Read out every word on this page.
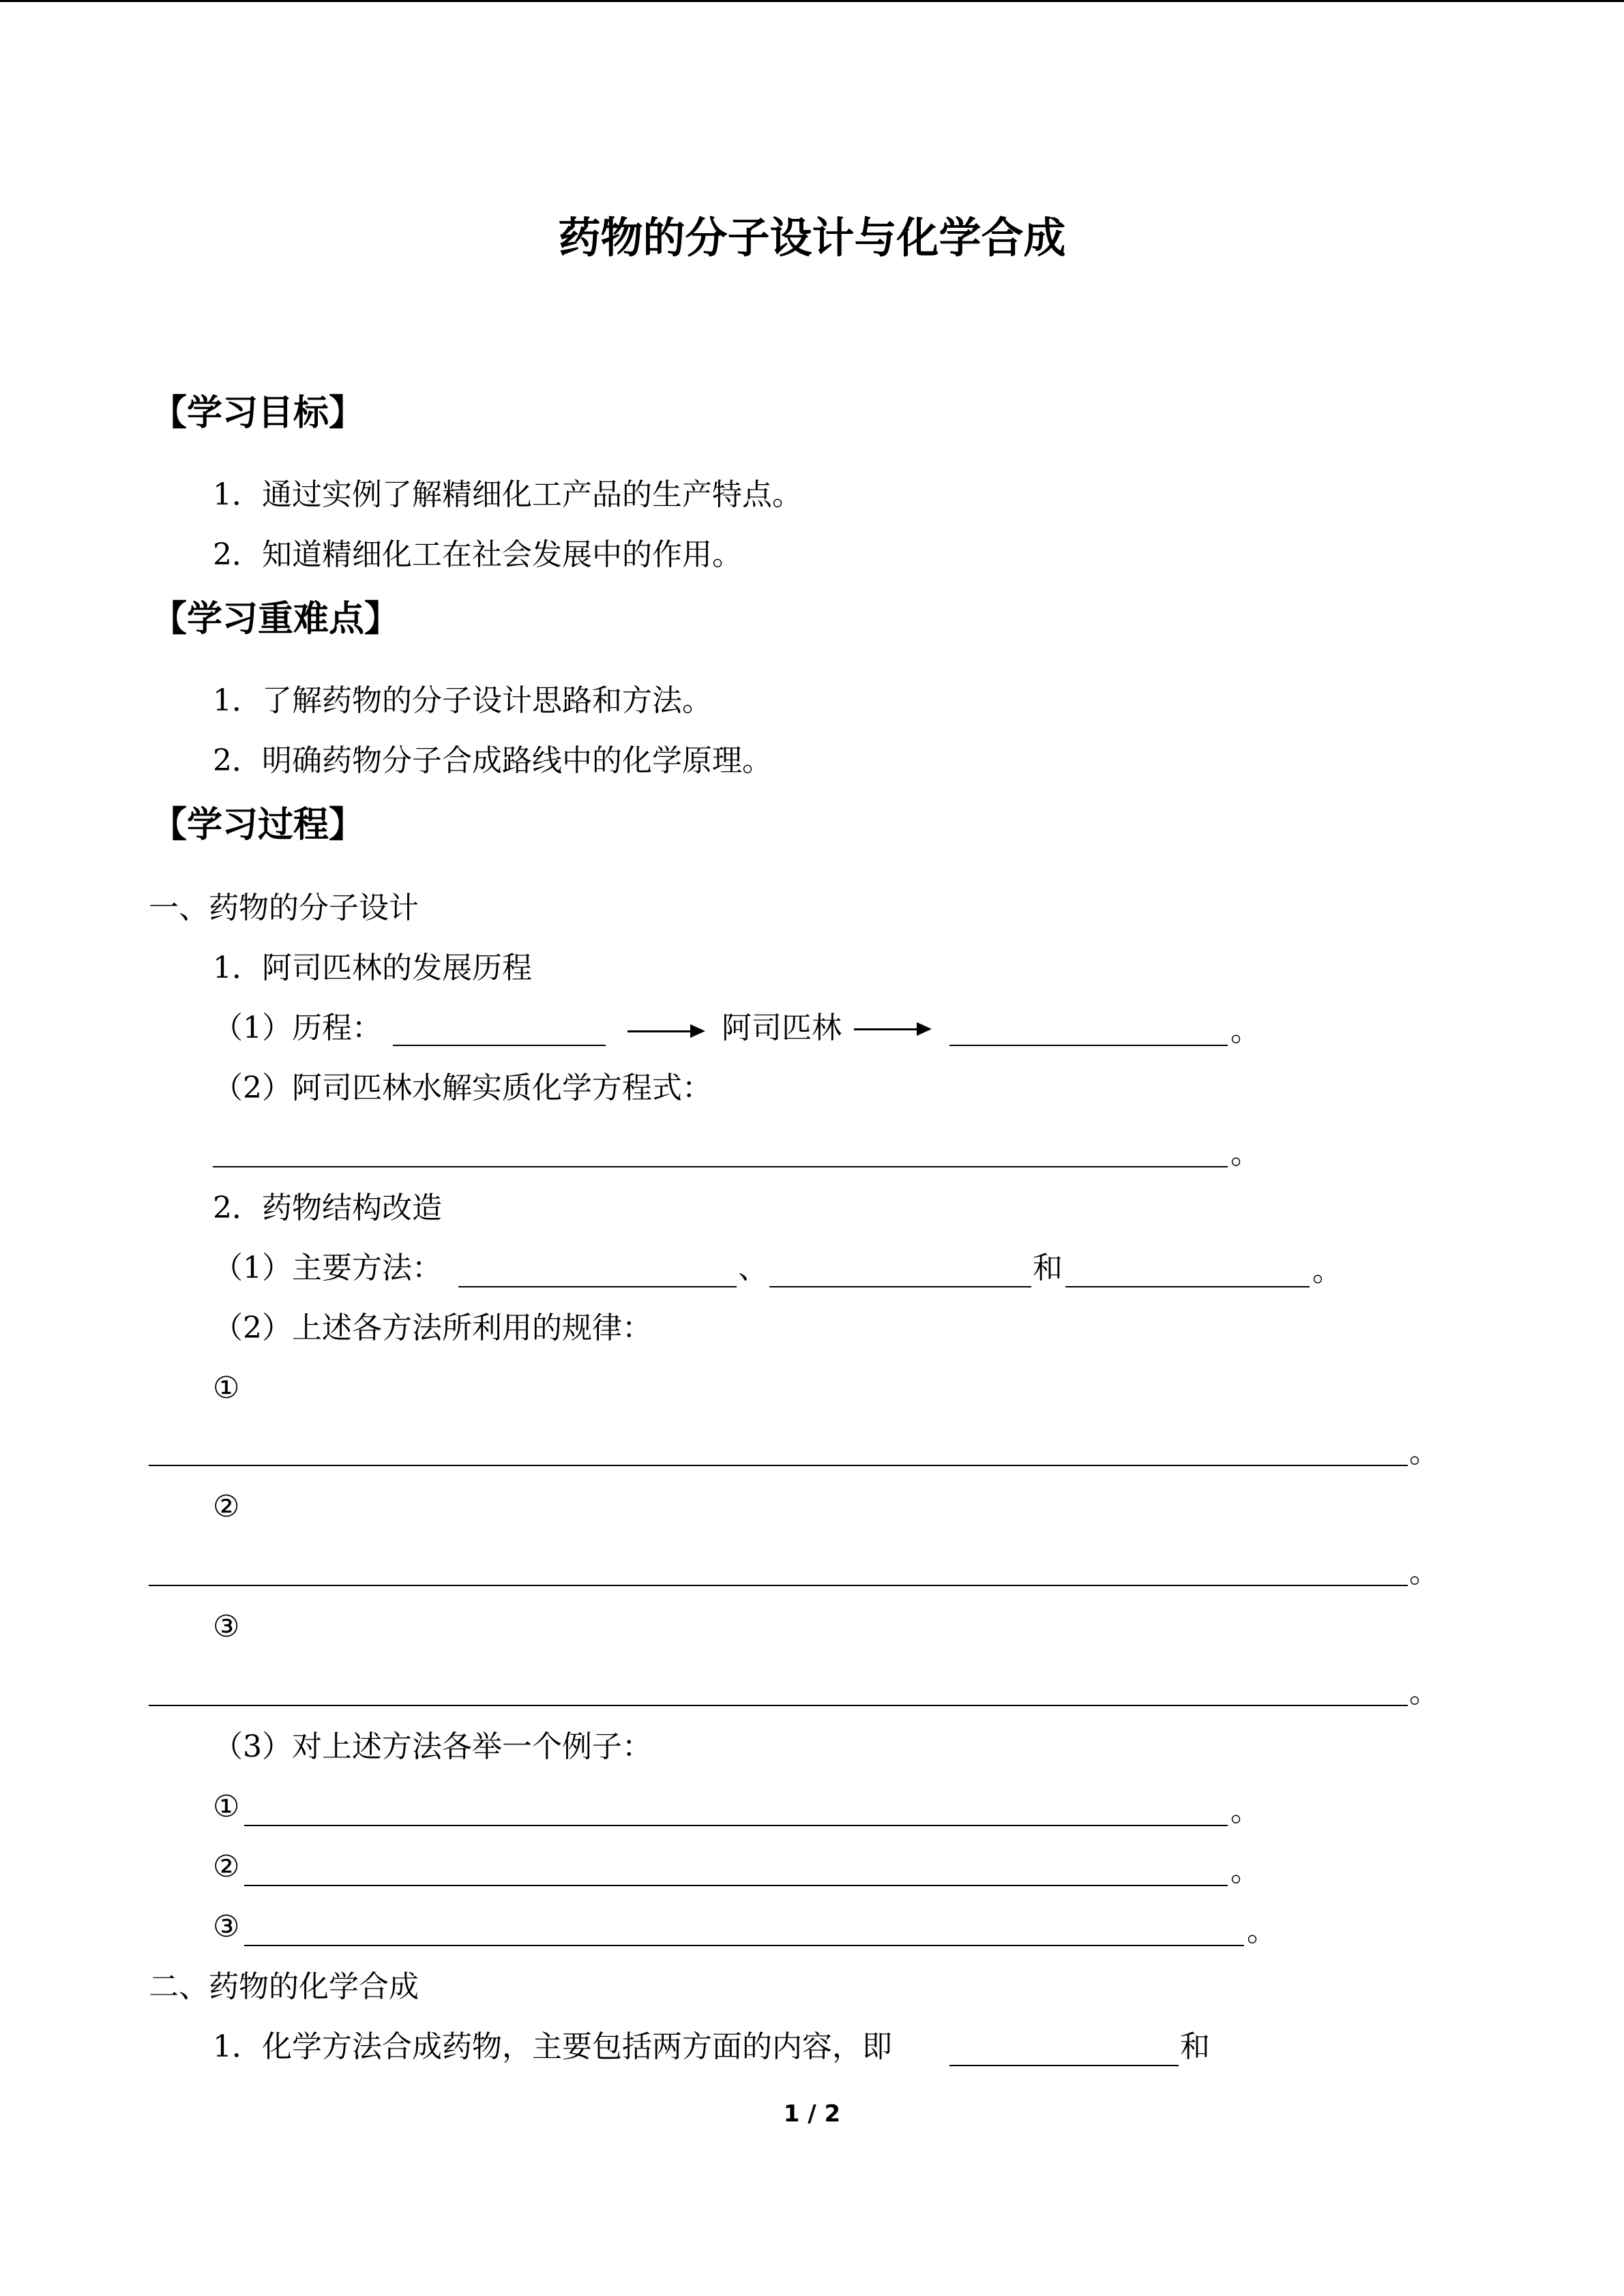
药物的分子设计与化学合成
【学习目标】
1．通过实例了解精细化工产品的生产特点。
2．知道精细化工在社会发展中的作用。
【学习重难点】
1．了解药物的分子设计思路和方法。
2．明确药物分子合成路线中的化学原理。
【学习过程】
一、药物的分子设计
1．阿司匹林的发展历程
（1）历程：	阿司匹林	。
（2）阿司匹林水解实质化学方程式：
。
2．药物结构改造
（1）主要方法：	、	和	。
（2）上述各方法所利用的规律：
①
。
②
。
③
。
（3）对上述方法各举一个例子：
①	。
②	。
③	。
二、药物的化学合成
1．化学方法合成药物，主要包括两方面的内容，即	和
1 / 2
